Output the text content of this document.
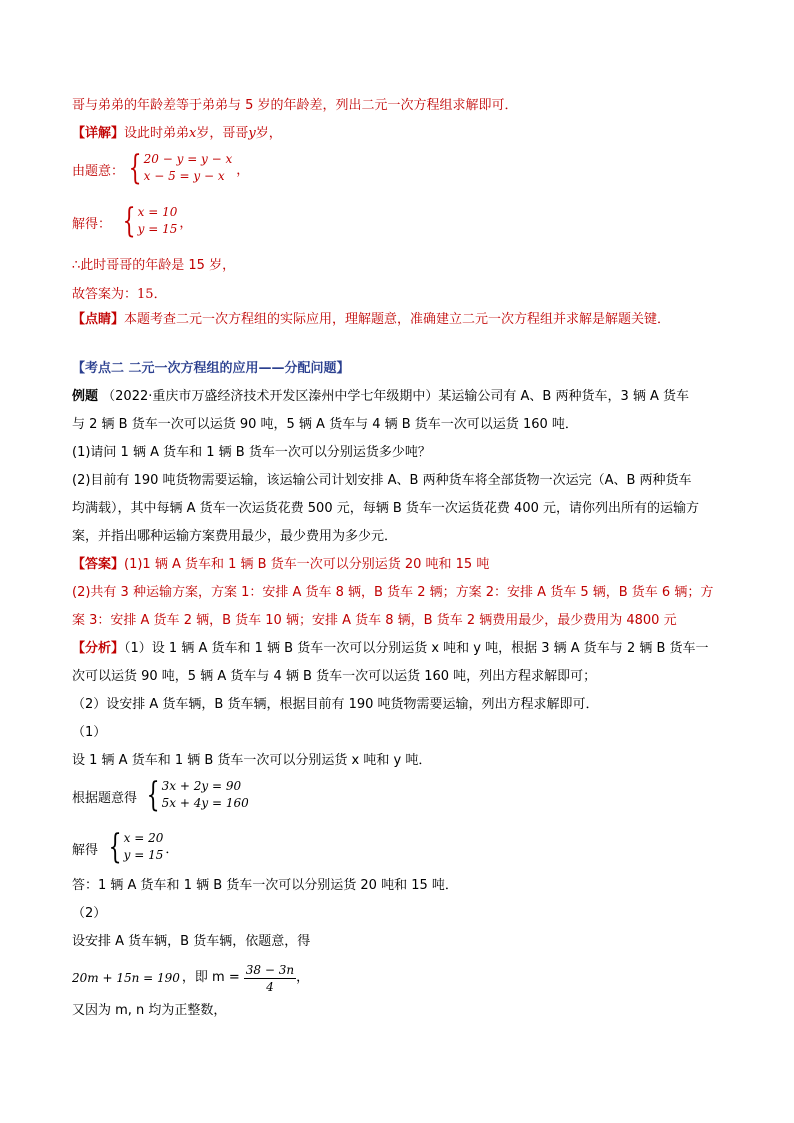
哥与弟弟的年龄差等于弟弟与 5 岁的年龄差，列出二元一次方程组求解即可．
【详解】设此时弟弟x岁，哥哥y岁，
由题意： { 20 − y = y − x
x − 5 = y − x ，
解得： { x = 10
y = 15 ，
∴此时哥哥的年龄是 15 岁，
故答案为：15．
【点睛】本题考查二元一次方程组的实际应用，理解题意，准确建立二元一次方程组并求解是解题关键．
【考点二 二元一次方程组的应用——分配问题】
例题 （2022·重庆市万盛经济技术开发区溱州中学七年级期中）某运输公司有 A、B 两种货车，3 辆 A 货车
与 2 辆 B 货车一次可以运货 90 吨，5 辆 A 货车与 4 辆 B 货车一次可以运货 160 吨．
(1)请问 1 辆 A 货车和 1 辆 B 货车一次可以分别运货多少吨？
(2)目前有 190 吨货物需要运输，该运输公司计划安排 A、B 两种货车将全部货物一次运完（A、B 两种货车
均满载），其中每辆 A 货车一次运货花费 500 元，每辆 B 货车一次运货花费 400 元，请你列出所有的运输方
案，并指出哪种运输方案费用最少，最少费用为多少元．
【答案】(1)1 辆 A 货车和 1 辆 B 货车一次可以分别运货 20 吨和 15 吨
(2)共有 3 种运输方案，方案 1：安排 A 货车 8 辆，B 货车 2 辆；方案 2：安排 A 货车 5 辆，B 货车 6 辆；方
案 3：安排 A 货车 2 辆，B 货车 10 辆；安排 A 货车 8 辆，B 货车 2 辆费用最少，最少费用为 4800 元
【分析】（1）设 1 辆 A 货车和 1 辆 B 货车一次可以分别运货 x 吨和 y 吨，根据 3 辆 A 货车与 2 辆 B 货车一
次可以运货 90 吨，5 辆 A 货车与 4 辆 B 货车一次可以运货 160 吨，列出方程求解即可；
（2）设安排 A 货车辆，B 货车辆，根据目前有 190 吨货物需要运输，列出方程求解即可．
（1）
设 1 辆 A 货车和 1 辆 B 货车一次可以分别运货 x 吨和 y 吨．
根据题意得 { 3x + 2y = 90
5x + 4y = 160
解得 { x = 20
y = 15 ．
答：1 辆 A 货车和 1 辆 B 货车一次可以分别运货 20 吨和 15 吨．
（2）
设安排 A 货车辆，B 货车辆，依题意，得
20m + 15n = 190 ，即 $m = \frac{38 - 3n}{4}$ ，
又因为 m, n 均为正整数，
